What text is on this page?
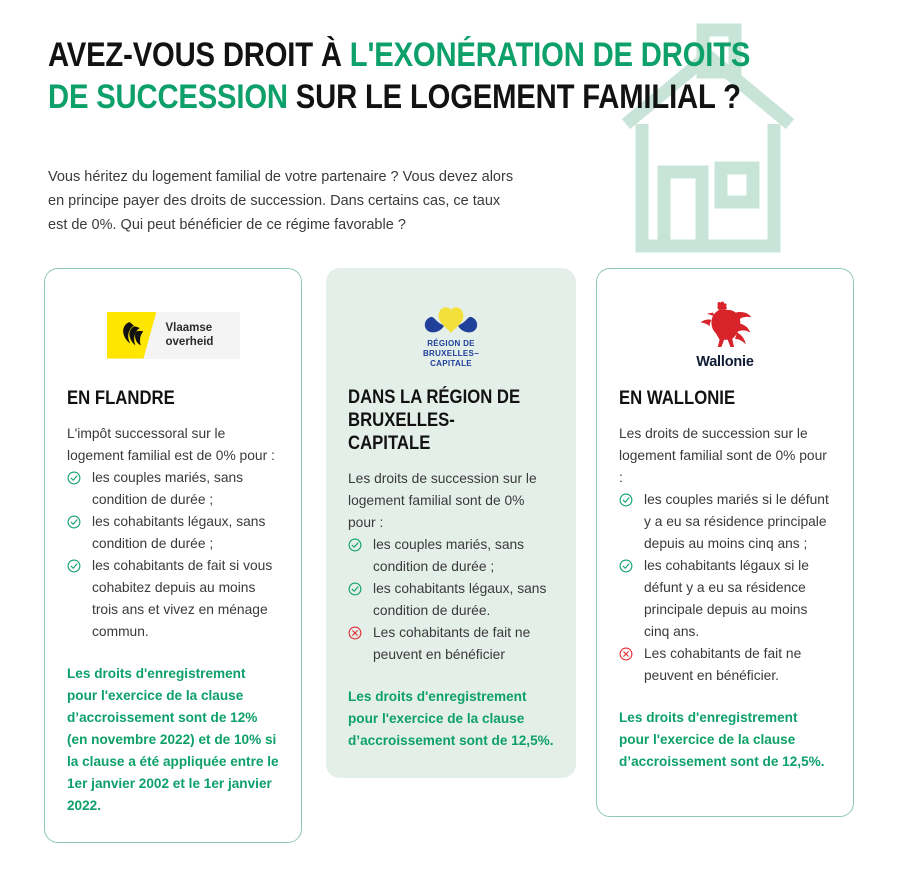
AVEZ-VOUS DROIT À L'EXONÉRATION DE DROITS
DE SUCCESSION SUR LE LOGEMENT FAMILIAL ?
Vous héritez du logement familial de votre partenaire ? Vous devez alors en principe payer des droits de succession. Dans certains cas, ce taux est de 0%. Qui peut bénéficier de ce régime favorable ?
Vlaamse
overheid
EN FLANDRE
L'impôt successoral sur le logement familial est de 0% pour :
les couples mariés, sans condition de durée ;
les cohabitants légaux, sans condition de durée ;
les cohabitants de fait si vous cohabitez depuis au moins trois ans et vivez en ménage commun.
Les droits d'enregistrement pour l'exercice de la clause d’accroissement sont de 12% (en novembre 2022) et de 10% si la clause a été appliquée entre le 1er janvier 2002 et le 1er janvier 2022.
RÉGION DE
BRUXELLES−
CAPITALE
DANS LA RÉGION DE BRUXELLES-CAPITALE
Les droits de succession sur le logement familial sont de 0% pour :
les couples mariés, sans condition de durée ;
les cohabitants légaux, sans condition de durée.
Les cohabitants de fait ne peuvent en bénéficier
Les droits d'enregistrement pour l'exercice de la clause d’accroissement sont de 12,5%.
Wallonie
EN WALLONIE
Les droits de succession sur le logement familial sont de 0% pour :
les couples mariés si le défunt y a eu sa résidence principale depuis au moins cinq ans ;
les cohabitants légaux si le défunt y a eu sa résidence principale depuis au moins cinq ans.
Les cohabitants de fait ne peuvent en bénéficier.
Les droits d'enregistrement pour l'exercice de la clause d’accroissement sont de 12,5%.
